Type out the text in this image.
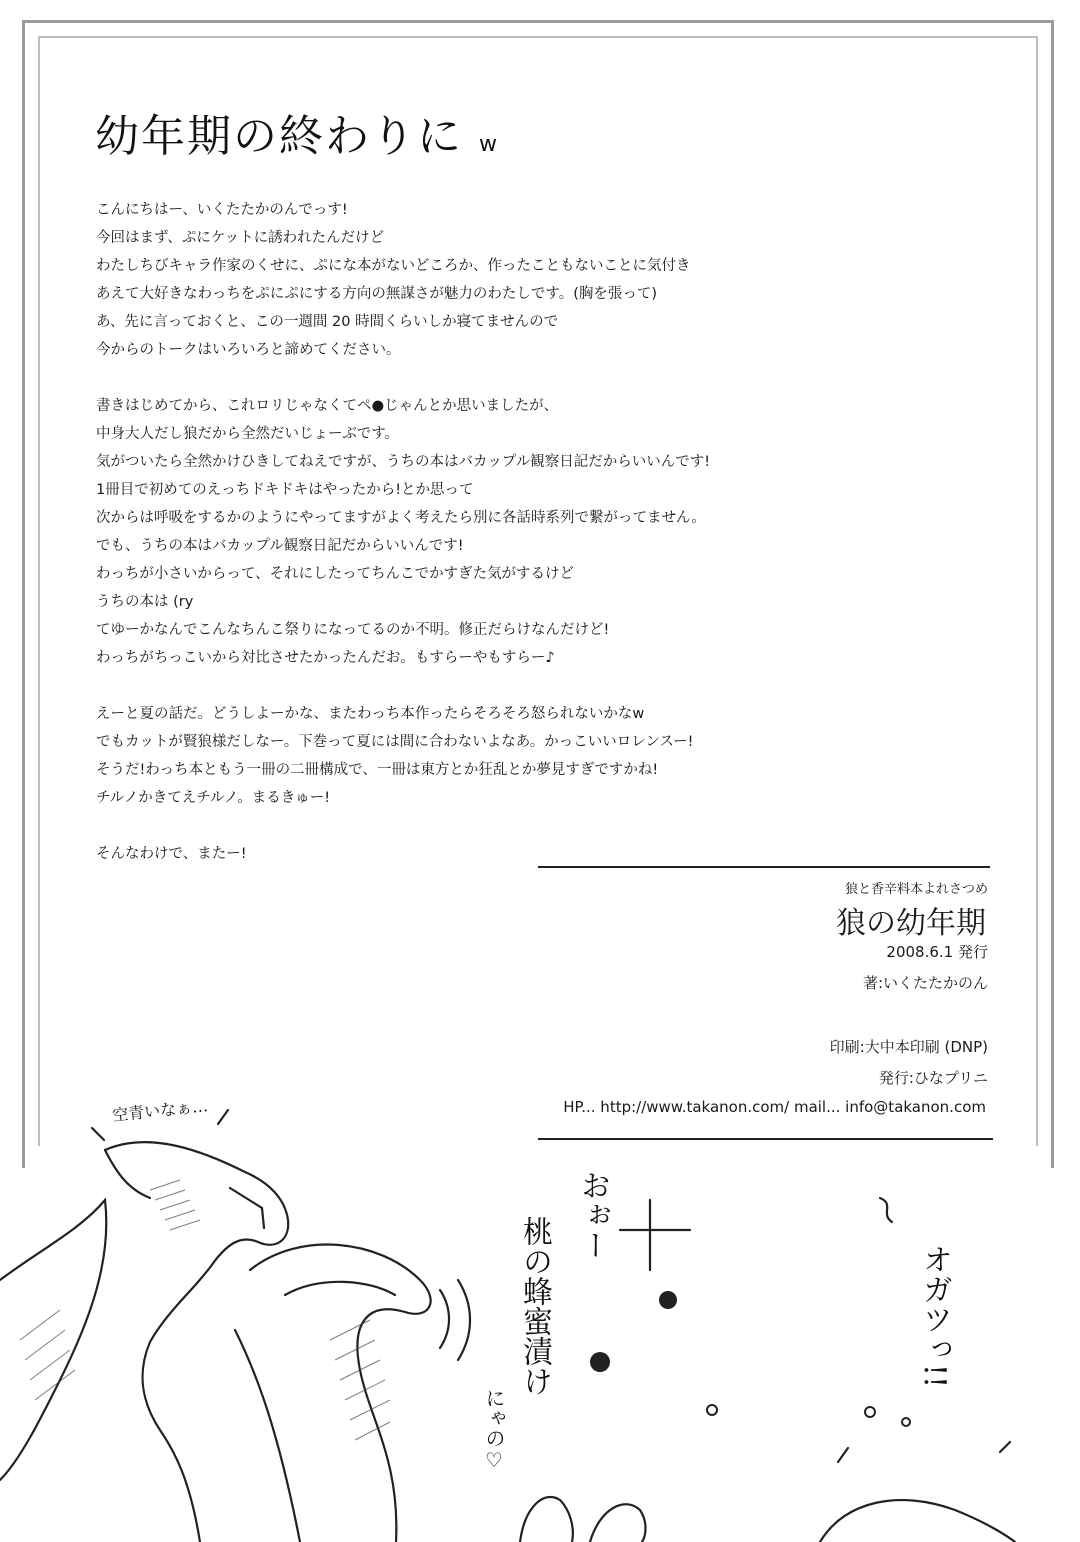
幼年期の終わりに w
こんにちはー、いくたたかのんでっす!
今回はまず、ぷにケットに誘われたんだけど
わたしちびキャラ作家のくせに、ぷにな本がないどころか、作ったこともないことに気付き
あえて大好きなわっちをぷにぷにする方向の無謀さが魅力のわたしです。(胸を張って)
あ、先に言っておくと、この一週間 20 時間くらいしか寝てませんので
今からのトークはいろいろと諦めてください。
書きはじめてから、これロリじゃなくてペ●じゃんとか思いましたが、
中身大人だし狼だから全然だいじょーぶです。
気がついたら全然かけひきしてねえですが、うちの本はバカップル観察日記だからいいんです!
1冊目で初めてのえっちドキドキはやったから!とか思って
次からは呼吸をするかのようにやってますがよく考えたら別に各話時系列で繋がってません。
でも、うちの本はバカップル観察日記だからいいんです!
わっちが小さいからって、それにしたってちんこでかすぎた気がするけど
うちの本は (ry
てゆーかなんでこんなちんこ祭りになってるのか不明。修正だらけなんだけど!
わっちがちっこいから対比させたかったんだお。もすらーやもすらー♪
えーと夏の話だ。どうしよーかな、またわっち本作ったらそろそろ怒られないかなw
でもカットが賢狼様だしなー。下巻って夏には間に合わないよなあ。かっこいいロレンスー!
そうだ!わっち本ともう一冊の二冊構成で、一冊は東方とか狂乱とか夢見すぎですかね!
チルノかきてえチルノ。まるきゅー!
そんなわけで、またー!
狼と香辛料本よれさつめ
狼の幼年期
2008.6.1 発行
著:いくたたかのん
印刷:大中本印刷 (DNP)
発行:ひなプリニ
HP... http://www.takanon.com/ mail... info@takanon.com
空青いなぁ…
桃の蜂蜜漬け
おぉー
にゃの♡
オガツっ!!
